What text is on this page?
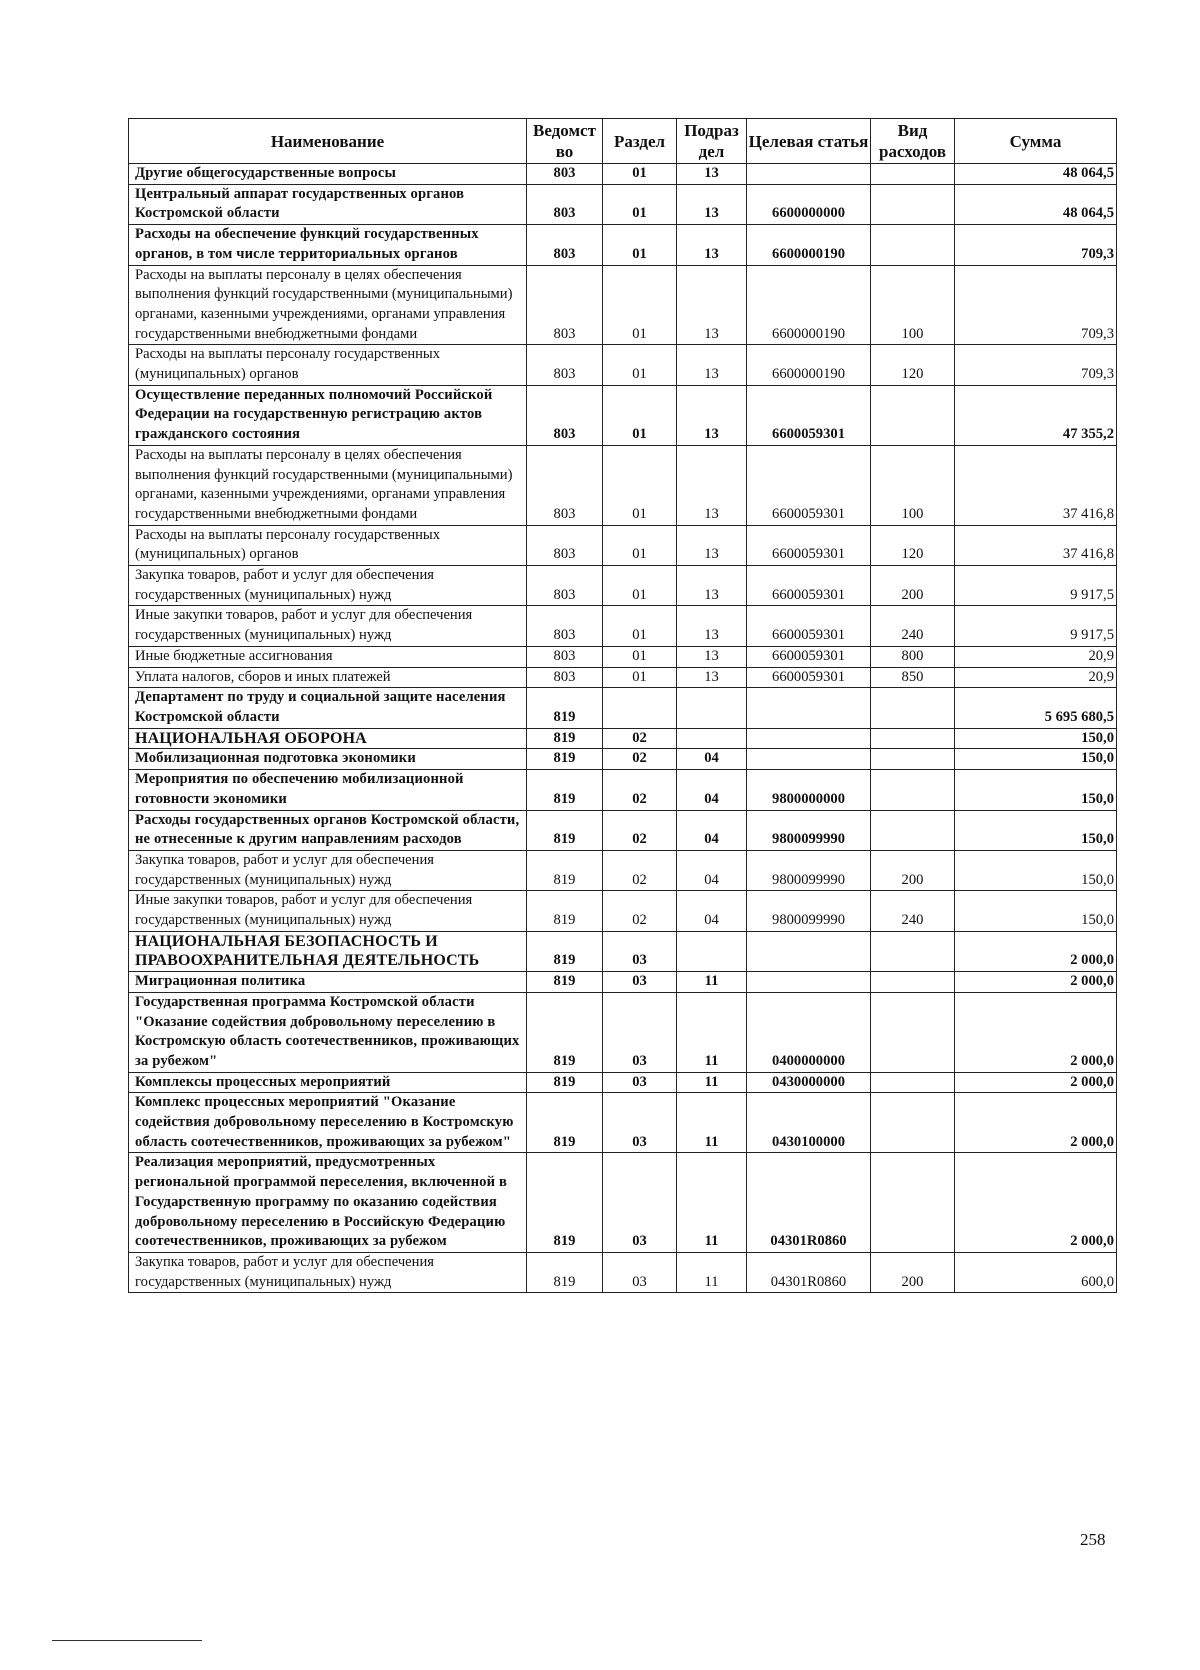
Наименование	Ведомст во	Раздел	Подраз дел	Целевая статья	Вид расходов	Сумма
Другие общегосударственные вопросы	803	01	13			48 064,5
Центральный аппарат государственных органов Костромской области	803	01	13	6600000000		48 064,5
Расходы на обеспечение функций государственных органов, в том числе территориальных органов	803	01	13	6600000190		709,3
Расходы на выплаты персоналу в целях обеспечения выполнения функций государственными (муниципальными) органами, казенными учреждениями, органами управления государственными внебюджетными фондами	803	01	13	6600000190	100	709,3
Расходы на выплаты персоналу государственных (муниципальных) органов	803	01	13	6600000190	120	709,3
Осуществление переданных полномочий Российской Федерации на государственную регистрацию актов гражданского состояния	803	01	13	6600059301		47 355,2
Расходы на выплаты персоналу в целях обеспечения выполнения функций государственными (муниципальными) органами, казенными учреждениями, органами управления государственными внебюджетными фондами	803	01	13	6600059301	100	37 416,8
Расходы на выплаты персоналу государственных (муниципальных) органов	803	01	13	6600059301	120	37 416,8
Закупка товаров, работ и услуг для обеспечения государственных (муниципальных) нужд	803	01	13	6600059301	200	9 917,5
Иные закупки товаров, работ и услуг для обеспечения государственных (муниципальных) нужд	803	01	13	6600059301	240	9 917,5
Иные бюджетные ассигнования	803	01	13	6600059301	800	20,9
Уплата налогов, сборов и иных платежей	803	01	13	6600059301	850	20,9
Департамент по труду и социальной защите населения Костромской области	819					5 695 680,5
НАЦИОНАЛЬНАЯ ОБОРОНА	819	02				150,0
Мобилизационная подготовка экономики	819	02	04			150,0
Мероприятия по обеспечению мобилизационной готовности экономики	819	02	04	9800000000		150,0
Расходы государственных органов Костромской области, не отнесенные к другим направлениям расходов	819	02	04	9800099990		150,0
Закупка товаров, работ и услуг для обеспечения государственных (муниципальных) нужд	819	02	04	9800099990	200	150,0
Иные закупки товаров, работ и услуг для обеспечения государственных (муниципальных) нужд	819	02	04	9800099990	240	150,0
НАЦИОНАЛЬНАЯ БЕЗОПАСНОСТЬ И ПРАВООХРАНИТЕЛЬНАЯ ДЕЯТЕЛЬНОСТЬ	819	03				2 000,0
Миграционная политика	819	03	11			2 000,0
Государственная программа Костромской области "Оказание содействия добровольному переселению в Костромскую область соотечественников, проживающих за рубежом"	819	03	11	0400000000		2 000,0
Комплексы процессных мероприятий	819	03	11	0430000000		2 000,0
Комплекс процессных мероприятий "Оказание содействия добровольному переселению в Костромскую область соотечественников, проживающих за рубежом"	819	03	11	0430100000		2 000,0
Реализация мероприятий, предусмотренных региональной программой переселения, включенной в Государственную программу по оказанию содействия добровольному переселению в Российскую Федерацию соотечественников, проживающих за рубежом	819	03	11	04301R0860		2 000,0
Закупка товаров, работ и услуг для обеспечения государственных (муниципальных) нужд	819	03	11	04301R0860	200	600,0
258
